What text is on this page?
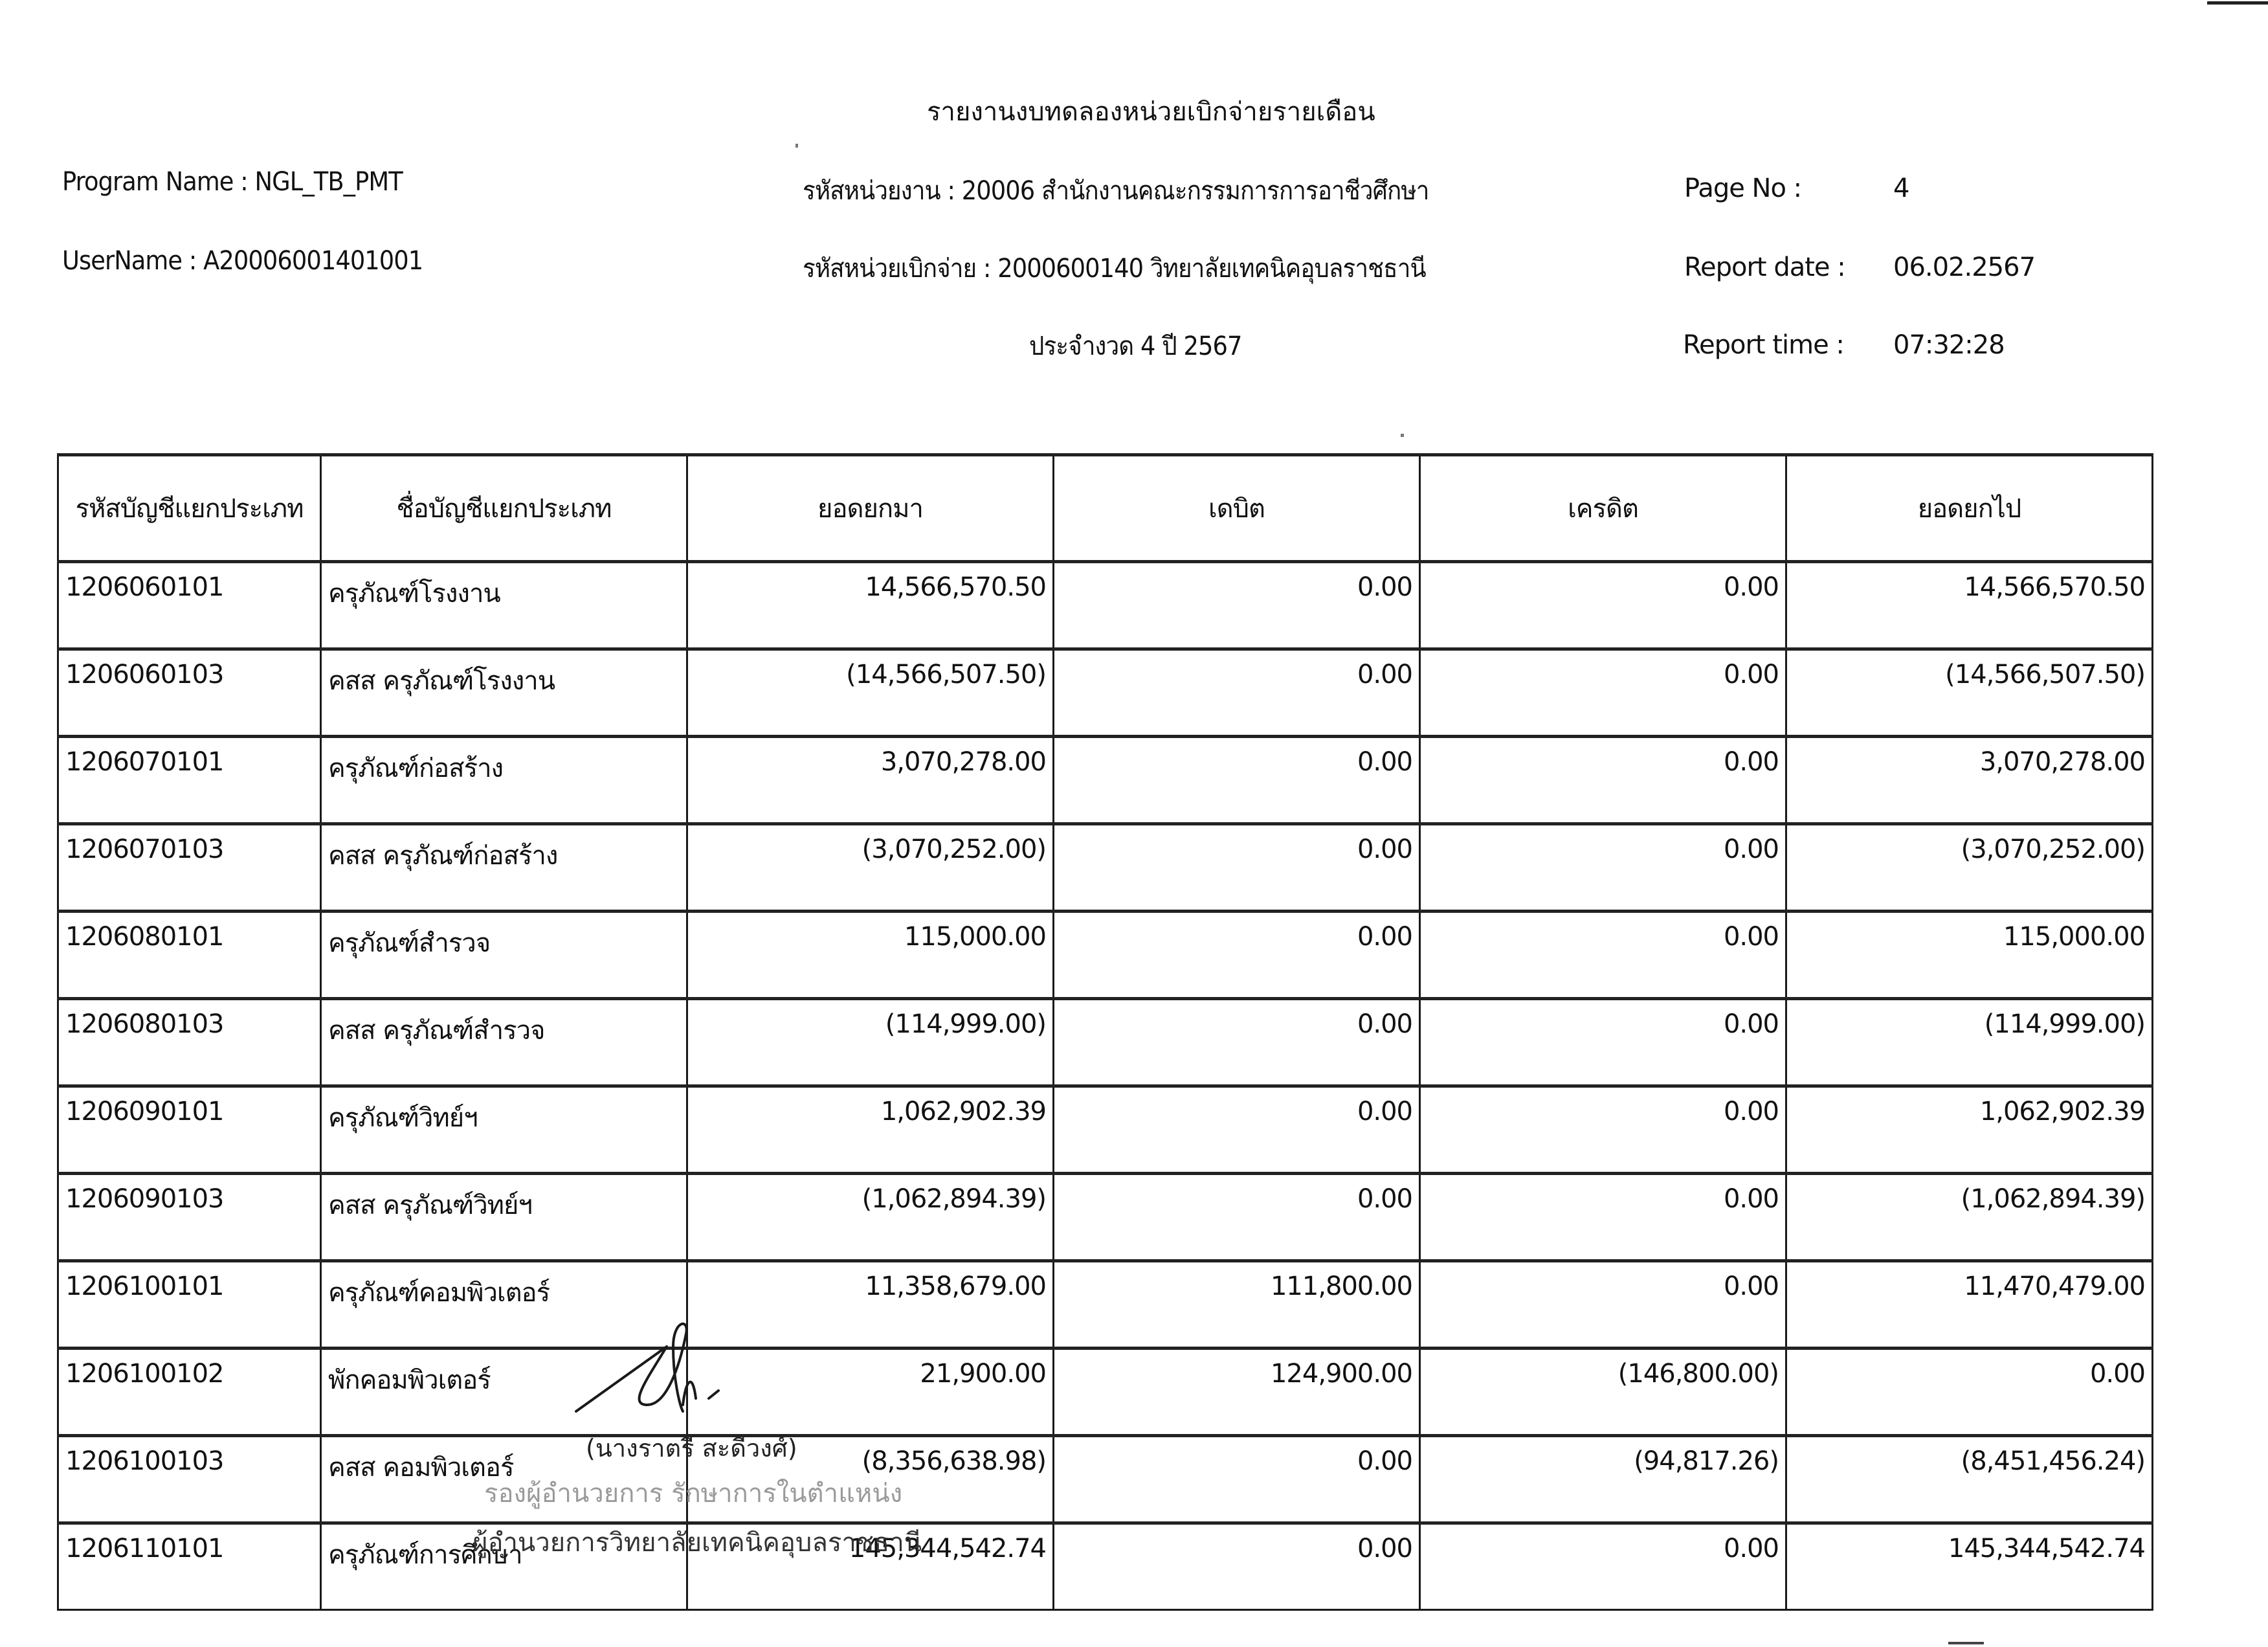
รายงานงบทดลองหน่วยเบิกจ่ายรายเดือน
Program Name : NGL_TB_PMT
UserName : A20006001401001
รหัสหน่วยงาน : 20006 สำนักงานคณะกรรมการการอาชีวศึกษา
รหัสหน่วยเบิกจ่าย : 2000600140 วิทยาลัยเทคนิคอุบลราชธานี
ประจำงวด 4 ปี 2567
Page No :	4
Report date : 06.02.2567
Report time : 07:32:28
รหัสบัญชีแยกประเภท	ชื่อบัญชีแยกประเภท	ยอดยกมา	เดบิต	เครดิต	ยอดยกไป
1206060101	ครุภัณฑ์โรงงาน	14,566,570.50	0.00	0.00	14,566,570.50
1206060103	คสส ครุภัณฑ์โรงงาน	(14,566,507.50)	0.00	0.00	(14,566,507.50)
1206070101	ครุภัณฑ์ก่อสร้าง	3,070,278.00	0.00	0.00	3,070,278.00
1206070103	คสส ครุภัณฑ์ก่อสร้าง	(3,070,252.00)	0.00	0.00	(3,070,252.00)
1206080101	ครุภัณฑ์สำรวจ	115,000.00	0.00	0.00	115,000.00
1206080103	คสส ครุภัณฑ์สำรวจ	(114,999.00)	0.00	0.00	(114,999.00)
1206090101	ครุภัณฑ์วิทย์ฯ	1,062,902.39	0.00	0.00	1,062,902.39
1206090103	คสส ครุภัณฑ์วิทย์ฯ	(1,062,894.39)	0.00	0.00	(1,062,894.39)
1206100101	ครุภัณฑ์คอมพิวเตอร์	11,358,679.00	111,800.00	0.00	11,470,479.00
1206100102	พักคอมพิวเตอร์	21,900.00	124,900.00	(146,800.00)	0.00
1206100103	คสส คอมพิวเตอร์	(8,356,638.98)	0.00	(94,817.26)	(8,451,456.24)
1206110101	ครุภัณฑ์การศึกษา	145,344,542.74	0.00	0.00	145,344,542.74
(นางราตรี สะดีวงศ์)
รองผู้อำนวยการ รักษาการในตำแหน่ง
ผู้อำนวยการวิทยาลัยเทคนิคอุบลราชธานี
